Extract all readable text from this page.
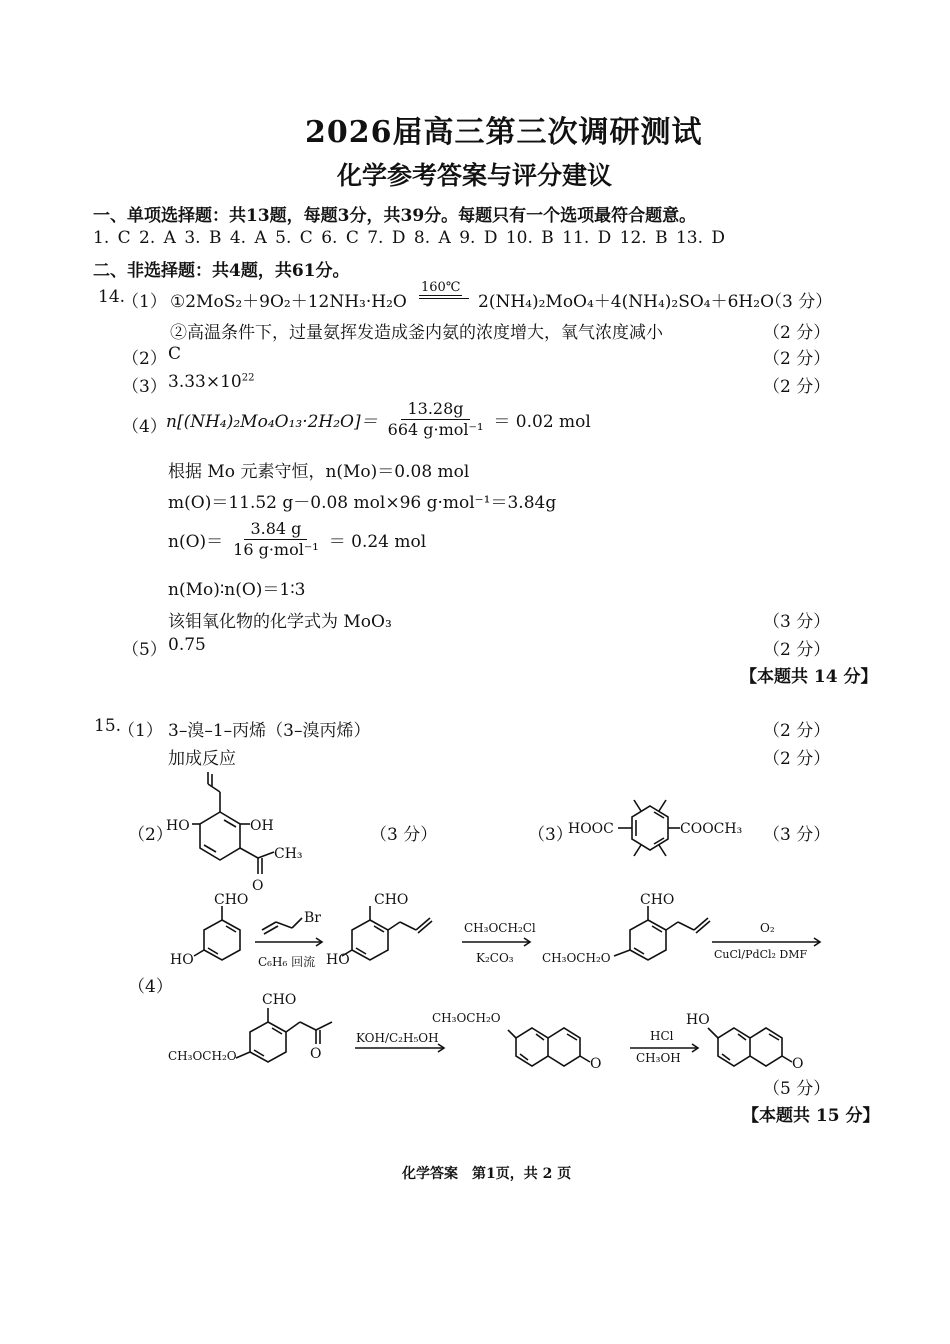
2026届高三第三次调研测试
化学参考答案与评分建议
一、单项选择题：共13题，每题3分，共39分。每题只有一个选项最符合题意。
1. C 2. A 3. B 4. A 5. C 6. C 7. D 8. A 9. D 10. B 11. D 12. B 13. D
二、非选择题：共4题，共61分。
14.
（1） ①2MoS₂＋9O₂＋12NH₃·H₂O
160℃
2(NH₄)₂MoO₄＋4(NH₄)₂SO₄＋6H₂O
（3 分）
②高温条件下，过量氨挥发造成釜内氨的浓度增大，氧气浓度减小	（2 分）
（2） C	（2 分）
（3） $3.33\times 10^{22}$	（2 分）
（4） $n[(NH_4)_2Mo_4O_{13}\cdot 2H_2O]= \frac{13.28g}{\text{664 g·mol⁻¹}} = 0.02$ mol
根据 Mo 元素守恒，n(Mo)＝0.08 mol
m(O)＝11.52 g－0.08 mol×96 g·mol⁻¹＝3.84g
$n(O)= \frac{3.84 g}{\text{16 g·mol⁻¹}} = 0.24$ mol
n(Mo)∶n(O)＝1∶3
该钼氧化物的化学式为 MoO₃	（3 分）
（5） 0.75	（2 分）
【本题共 14 分】
15.
（1） 3–溴–1–丙烯（3–溴丙烯）	（2 分）
加成反应	（2 分）
（2）	（3 分）	（3）	（3 分）
（4）
HO	OH
CH₃
O
HOOC	COOCH₃
CHO
HO
Br
C₆H₆ 回流
CHO
HO
CH₃OCH₂Cl
K₂CO₃
CHO
CH₃OCH₂O
O₂
CuCl/PdCl₂ DMF
CHO
CH₃OCH₂O	O
KOH/C₂H₅OH
CH₃OCH₂O
O
HCl
CH₃OH
HO
O
（5 分）
【本题共 15 分】
化学答案　第1页，共 2 页
